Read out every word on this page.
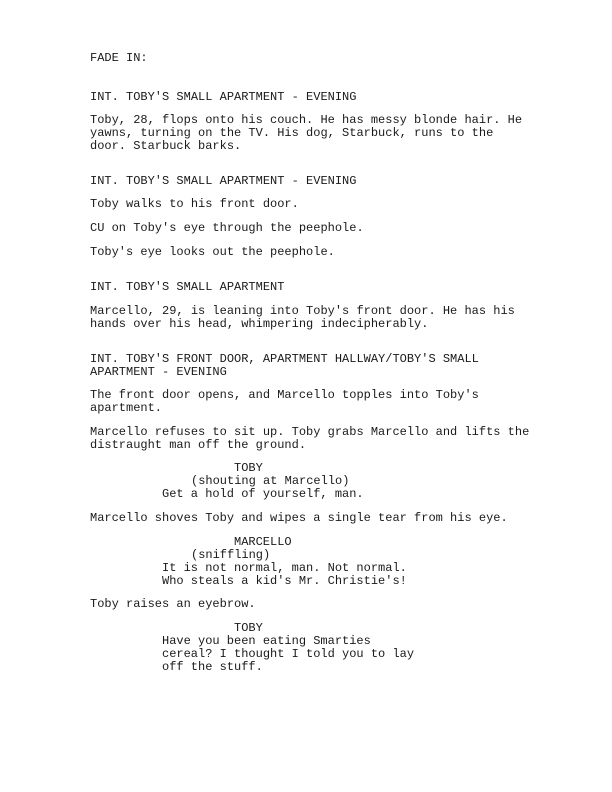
FADE IN:
INT. TOBY'S SMALL APARTMENT - EVENING
Toby, 28, flops onto his couch. He has messy blonde hair. He
yawns, turning on the TV. His dog, Starbuck, runs to the
door. Starbuck barks.
INT. TOBY'S SMALL APARTMENT - EVENING
Toby walks to his front door.
CU on Toby's eye through the peephole.
Toby's eye looks out the peephole.
INT. TOBY'S SMALL APARTMENT
Marcello, 29, is leaning into Toby's front door. He has his
hands over his head, whimpering indecipherably.
INT. TOBY'S FRONT DOOR, APARTMENT HALLWAY/TOBY'S SMALL
APARTMENT - EVENING
The front door opens, and Marcello topples into Toby's
apartment.
Marcello refuses to sit up. Toby grabs Marcello and lifts the
distraught man off the ground.
TOBY
(shouting at Marcello)
Get a hold of yourself, man.
Marcello shoves Toby and wipes a single tear from his eye.
MARCELLO
(sniffling)
It is not normal, man. Not normal.
Who steals a kid's Mr. Christie's!
Toby raises an eyebrow.
TOBY
Have you been eating Smarties
cereal? I thought I told you to lay
off the stuff.
